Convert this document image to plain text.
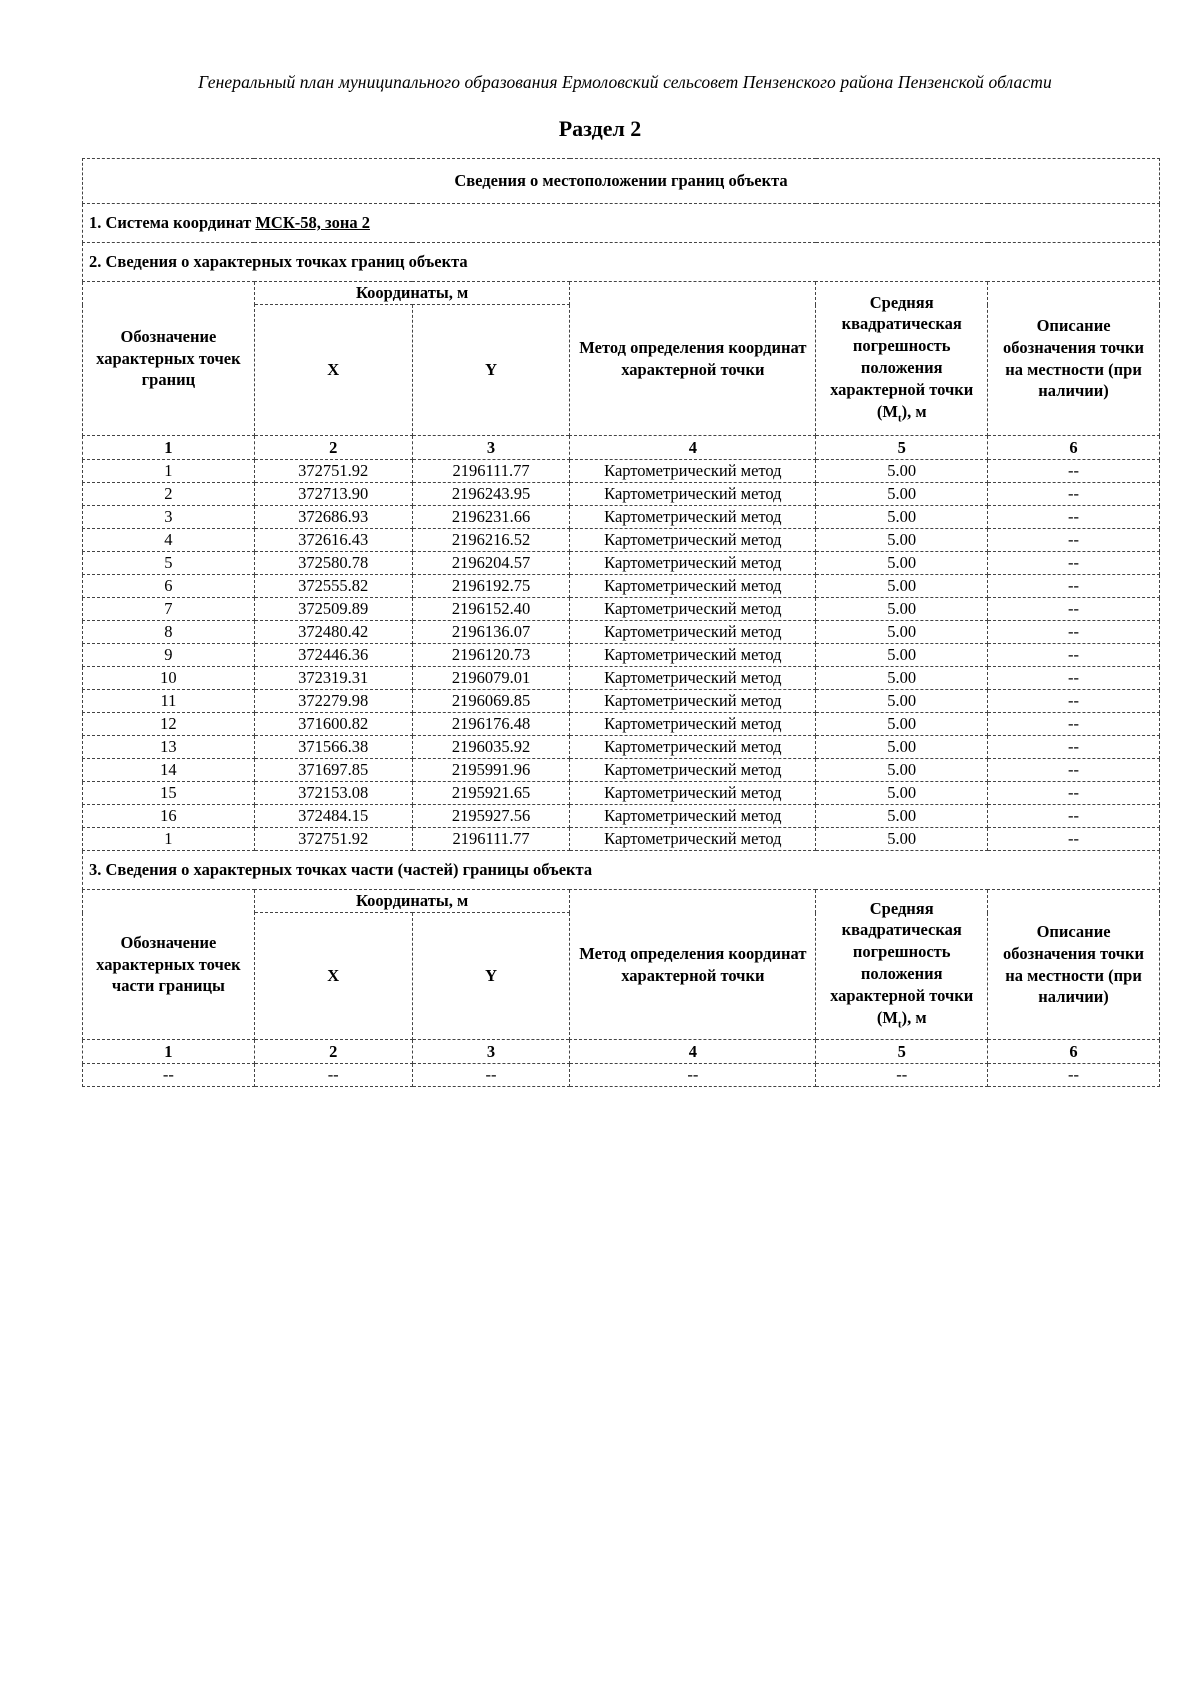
Генеральный план муниципального образования Ермоловский сельсовет Пензенского района Пензенской области
Раздел 2
Сведения о местоположении границ объекта					
1. Система координат МСК-58, зона 2					
2. Сведения о характерных точках границ объекта					
Обозначение характерных точек границ	Координаты, м		Метод определения координат характерной точки	Средняя квадратическая погрешность положения характерной точки $(M_t)$, м	Описание обозначения точки на местности (при наличии)
	X	Y			
1	2	3	4	5	6
1	372751.92	2196111.77	Картометрический метод	5.00	--
2	372713.90	2196243.95	Картометрический метод	5.00	--
3	372686.93	2196231.66	Картометрический метод	5.00	--
4	372616.43	2196216.52	Картометрический метод	5.00	--
5	372580.78	2196204.57	Картометрический метод	5.00	--
6	372555.82	2196192.75	Картометрический метод	5.00	--
7	372509.89	2196152.40	Картометрический метод	5.00	--
8	372480.42	2196136.07	Картометрический метод	5.00	--
9	372446.36	2196120.73	Картометрический метод	5.00	--
10	372319.31	2196079.01	Картометрический метод	5.00	--
11	372279.98	2196069.85	Картометрический метод	5.00	--
12	371600.82	2196176.48	Картометрический метод	5.00	--
13	371566.38	2196035.92	Картометрический метод	5.00	--
14	371697.85	2195991.96	Картометрический метод	5.00	--
15	372153.08	2195921.65	Картометрический метод	5.00	--
16	372484.15	2195927.56	Картометрический метод	5.00	--
1	372751.92	2196111.77	Картометрический метод	5.00	--
3. Сведения о характерных точках части (частей) границы объекта					
Обозначение характерных точек части границы	Координаты, м		Метод определения координат характерной точки	Средняя квадратическая погрешность положения характерной точки $(M_t)$, м	Описание обозначения точки на местности (при наличии)
	X	Y			
1	2	3	4	5	6
--	--	--	--	--	--
